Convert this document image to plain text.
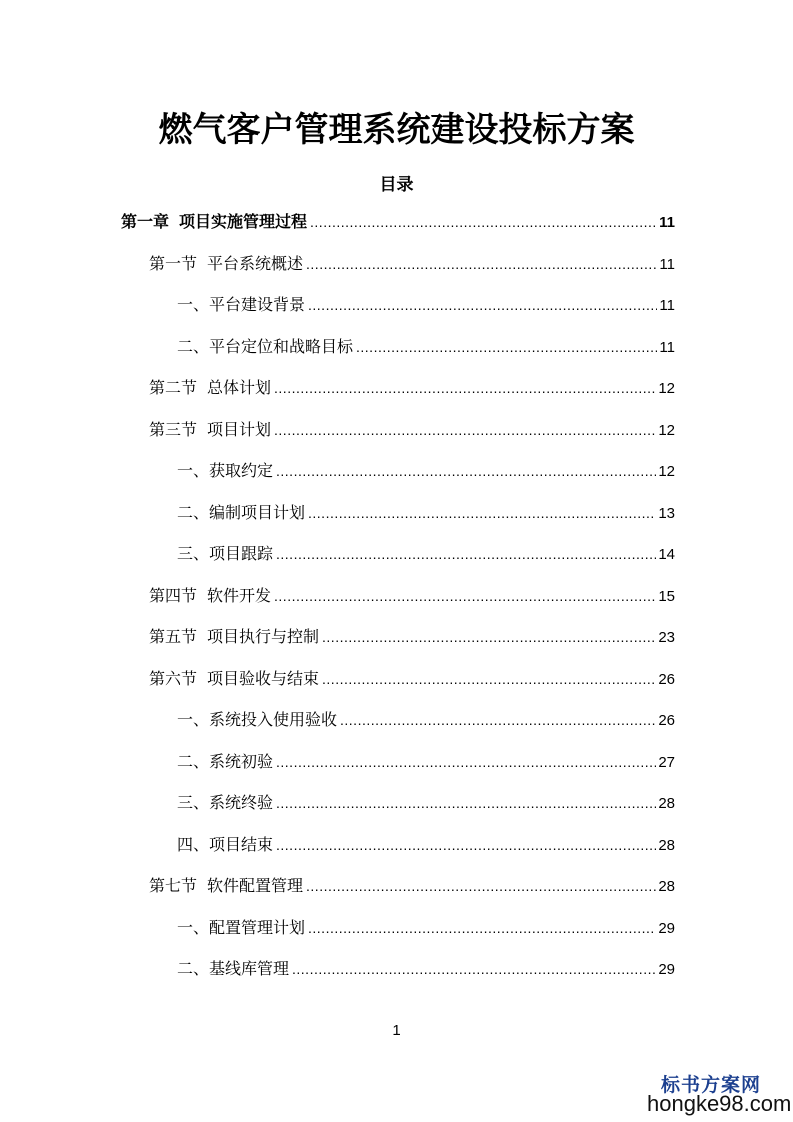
燃气客户管理系统建设投标方案
目录
第一章 项目实施管理过程 .....	11
第一节 平台系统概述 .....	11
一、平台建设背景 .....	11
二、平台定位和战略目标 .....	11
第二节 总体计划 .....	12
第三节 项目计划 .....	12
一、获取约定 .....	12
二、编制项目计划 .....	13
三、项目跟踪 .....	14
第四节 软件开发 .....	15
第五节 项目执行与控制 .....	23
第六节 项目验收与结束 .....	26
一、系统投入使用验收 .....	26
二、系统初验 .....	27
三、系统终验 .....	28
四、项目结束 .....	28
第七节 软件配置管理 .....	28
一、配置管理计划 .....	29
二、基线库管理 .....	29
1
标书方案网
hongke98.com
